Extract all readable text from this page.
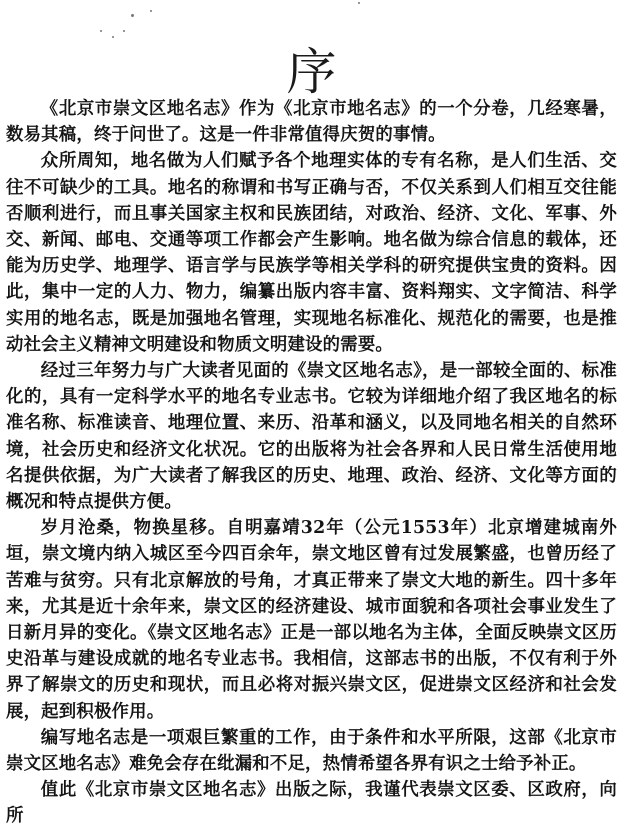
序

《北京市崇文区地名志》作为《北京市地名志》的一个分卷，几经寒暑，数易其稿，终于问世了。这是一件非常值得庆贺的事情。

众所周知，地名做为人们赋予各个地理实体的专有名称，是人们生活、交往不可缺少的工具。地名的称谓和书写正确与否，不仅关系到人们相互交往能否顺利进行，而且事关国家主权和民族团结，对政治、经济、文化、军事、外交、新闻、邮电、交通等项工作都会产生影响。地名做为综合信息的载体，还能为历史学、地理学、语言学与民族学等相关学科的研究提供宝贵的资料。因此，集中一定的人力、物力，编纂出版内容丰富、资料翔实、文字简洁、科学实用的地名志，既是加强地名管理，实现地名标准化、规范化的需要，也是推动社会主义精神文明建设和物质文明建设的需要。

经过三年努力与广大读者见面的《崇文区地名志》，是一部较全面的、标准化的，具有一定科学水平的地名专业志书。它较为详细地介绍了我区地名的标准名称、标准读音、地理位置、来历、沿革和涵义，以及同地名相关的自然环境，社会历史和经济文化状况。它的出版将为社会各界和人民日常生活使用地名提供依据，为广大读者了解我区的历史、地理、政治、经济、文化等方面的概况和特点提供方便。

岁月沧桑，物换星移。自明嘉靖32年（公元1553年）北京增建城南外垣，崇文境内纳入城区至今四百余年，崇文地区曾有过发展繁盛，也曾历经了苦难与贫穷。只有北京解放的号角，才真正带来了崇文大地的新生。四十多年来，尤其是近十余年来，崇文区的经济建设、城市面貌和各项社会事业发生了日新月异的变化。《崇文区地名志》正是一部以地名为主体，全面反映崇文区历史沿革与建设成就的地名专业志书。我相信，这部志书的出版，不仅有利于外界了解崇文的历史和现状，而且必将对振兴崇文区，促进崇文区经济和社会发展，起到积极作用。

编写地名志是一项艰巨繁重的工作，由于条件和水平所限，这部《北京市崇文区地名志》难免会存在纰漏和不足，热情希望各界有识之士给予补正。

值此《北京市崇文区地名志》出版之际，我谨代表崇文区委、区政府，向所
